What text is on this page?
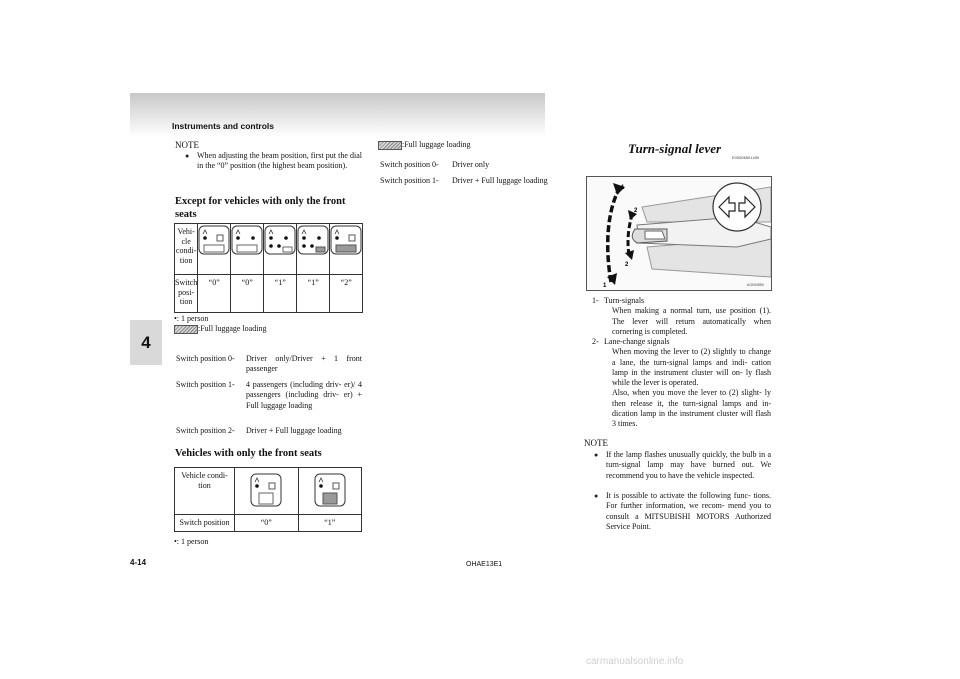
Instruments and controls
4
NOTE
● When adjusting the beam position, first put the dial in the “0” position (the highest beam position).
Except for vehicles with only the front seats
Vehi- cle condi- tion	

Switch posi- tion	“0”	“0”	“1”	“1”	“2”
•: 1 person
:Full luggage loading
Switch position 0- Driver only/Driver + 1 front passenger
Switch position 1- 4 passengers (including driv- er)/ 4 passengers (including driv- er) + Full luggage loading
Switch position 2- Driver + Full luggage loading
Vehicles with only the front seats
Vehicle condi- tion	

Switch position	“0”	“1”
•: 1 person
:Full luggage loading
Switch position 0- Driver only
Switch position 1- Driver + Full luggage loading
Turn-signal lever
E00506501459
1
2
2
1	AG000550
1- Turn-signals
When making a normal turn, use position (1). The lever will return automatically when cornering is completed.
2- Lane-change signals
When moving the lever to (2) slightly to change a lane, the turn-signal lamps and indi- cation lamp in the instrument cluster will on- ly flash while the lever is operated.
Also, when you move the lever to (2) slight- ly then release it, the turn-signal lamps and in- dication lamp in the instrument cluster will flash 3 times.
NOTE
● If the lamp flashes unusually quickly, the bulb in a turn-signal lamp may have burned out. We recommend you to have the vehicle inspected.
● It is possible to activate the following func- tions. For further information, we recom- mend you to consult a MITSUBISHI MOTORS Authorized Service Point.
4-14	OHAE13E1
carmanualsonline.info
